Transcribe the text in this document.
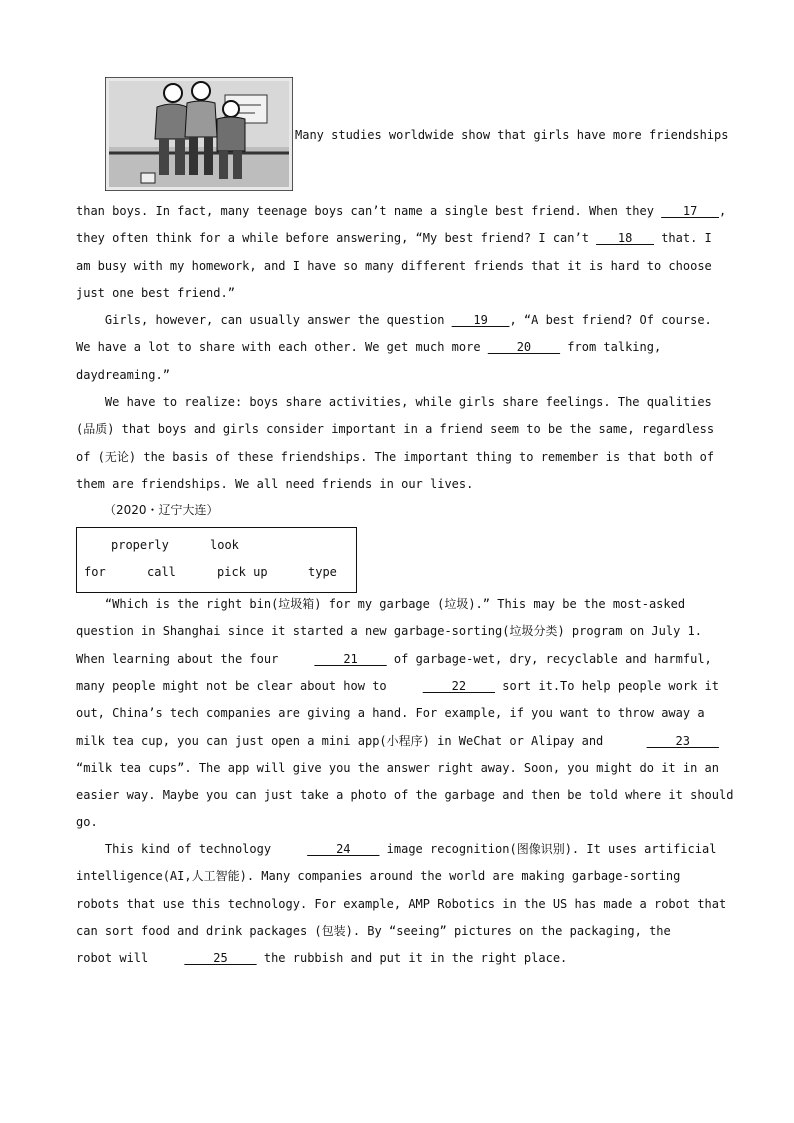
Many studies worldwide show that girls have more friendships
than boys. In fact, many teenage boys can’t name a single best friend. When they ___17___,
they often think for a while before answering, “My best friend? I can’t ___18___ that. I
am busy with my homework, and I have so many different friends that it is hard to choose
just one best friend.”
Girls, however, can usually answer the question ___19___, “A best friend? Of course.
We have a lot to share with each other. We get much more ____20____ from talking,
daydreaming.”
We have to realize: boys share activities, while girls share feelings. The qualities
(品质) that boys and girls consider important in a friend seem to be the same, regardless
of (无论) the basis of these friendships. The important thing to remember is that both of
them are friendships. We all need friends in our lives.
（2020・辽宁大连）
properly	look
for	call	pick up	type
“Which is the right bin(垃圾箱) for my garbage (垃圾).” This may be the most-asked
question in Shanghai since it started a new garbage-sorting(垃圾分类) program on July 1.
When learning about the four     ____21____ of garbage-wet, dry, recyclable and harmful,
many people might not be clear about how to     ____22____ sort it.To help people work it
out, China’s tech companies are giving a hand. For example, if you want to throw away a
milk tea cup, you can just open a mini app(小程序) in WeChat or Alipay and      ____23____
“milk tea cups”. The app will give you the answer right away. Soon, you might do it in an
easier way. Maybe you can just take a photo of the garbage and then be told where it should
go.
This kind of technology     ____24____ image recognition(图像识别). It uses artificial
intelligence(AI,人工智能). Many companies around the world are making garbage-sorting
robots that use this technology. For example, AMP Robotics in the US has made a robot that
can sort food and drink packages (包装). By “seeing” pictures on the packaging, the
robot will     ____25____ the rubbish and put it in the right place.
